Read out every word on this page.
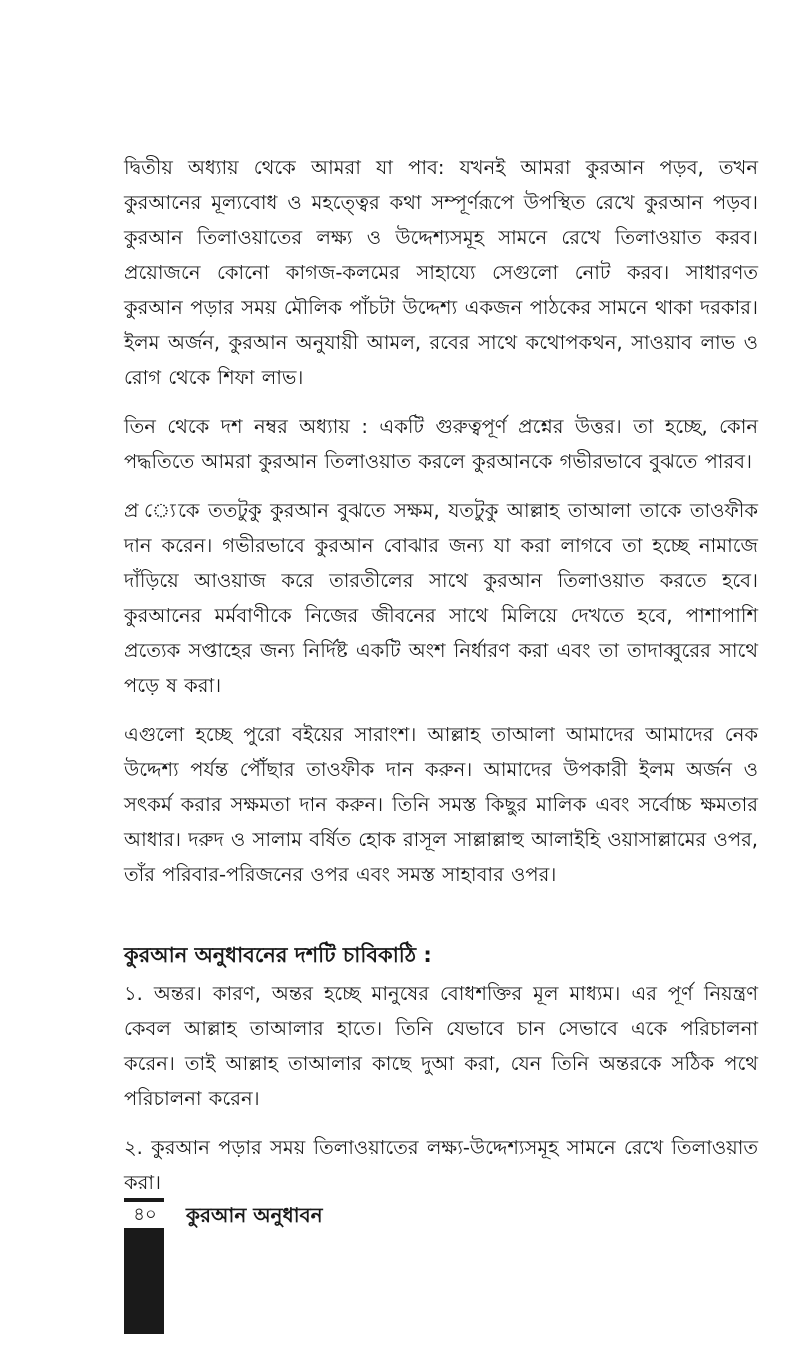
দ্বিতীয় অধ্যায় থেকে আমরা যা পাব: যখনই আমরা কুরআন পড়ব, তখন কুরআনের মূল্যবোধ ও মহত্ত্বের কথা সম্পূর্ণরূপে উপস্থিত রেখে কুরআন পড়ব। কুরআন তিলাওয়াতের লক্ষ্য ও উদ্দেশ্যসমূহ সামনে রেখে তিলাওয়াত করব। প্রয়োজনে কোনো কাগজ-কলমের সাহায্যে সেগুলো নোট করব। সাধারণত কুরআন পড়ার সময় মৌলিক পাঁচটা উদ্দেশ্য একজন পাঠকের সামনে থাকা দরকার। ইলম অর্জন, কুরআন অনুযায়ী আমল, রবের সাথে কথোপকথন, সাওয়াব লাভ ও রোগ থেকে শিফা লাভ।

তিন থেকে দশ নম্বর অধ্যায় : একটি গুরুত্বপূর্ণ প্রশ্নের উত্তর। তা হচ্ছে, কোন পদ্ধতিতে আমরা কুরআন তিলাওয়াত করলে কুরআনকে গভীরভাবে বুঝতে পারব।

প্র ্যেকে ততটুকু কুরআন বুঝতে সক্ষম, যতটুকু আল্লাহ তাআলা তাকে তাওফীক দান করেন। গভীরভাবে কুরআন বোঝার জন্য যা করা লাগবে তা হচ্ছে নামাজে দাঁড়িয়ে আওয়াজ করে তারতীলের সাথে কুরআন তিলাওয়াত করতে হবে। কুরআনের মর্মবাণীকে নিজের জীবনের সাথে মিলিয়ে দেখতে হবে, পাশাপাশি প্রত্যেক সপ্তাহের জন্য নির্দিষ্ট একটি অংশ নির্ধারণ করা এবং তা তাদাব্বুরের সাথে পড়ে ষ করা।

এগুলো হচ্ছে পুরো বইয়ের সারাংশ। আল্লাহ তাআলা আমাদের আমাদের নেক উদ্দেশ্য পর্যন্ত পৌঁছার তাওফীক দান করুন। আমাদের উপকারী ইলম অর্জন ও সৎকর্ম করার সক্ষমতা দান করুন। তিনি সমস্ত কিছুর মালিক এবং সর্বোচ্চ ক্ষমতার আধার। দরুদ ও সালাম বর্ষিত হোক রাসূল সাল্লাল্লাহু আলাইহি ওয়াসাল্লামের ওপর, তাঁর পরিবার-পরিজনের ওপর এবং সমস্ত সাহাবার ওপর।

কুরআন অনুধাবনের দশটি চাবিকাঠি :

১. অন্তর। কারণ, অন্তর হচ্ছে মানুষের বোধশক্তির মূল মাধ্যম। এর পূর্ণ নিয়ন্ত্রণ কেবল আল্লাহ তাআলার হাতে। তিনি যেভাবে চান সেভাবে একে পরিচালনা করেন। তাই আল্লাহ তাআলার কাছে দুআ করা, যেন তিনি অন্তরকে সঠিক পথে পরিচালনা করেন।

২. কুরআন পড়ার সময় তিলাওয়াতের লক্ষ্য-উদ্দেশ্যসমূহ সামনে রেখে তিলাওয়াত করা।

৪০	কুরআন অনুধাবন
